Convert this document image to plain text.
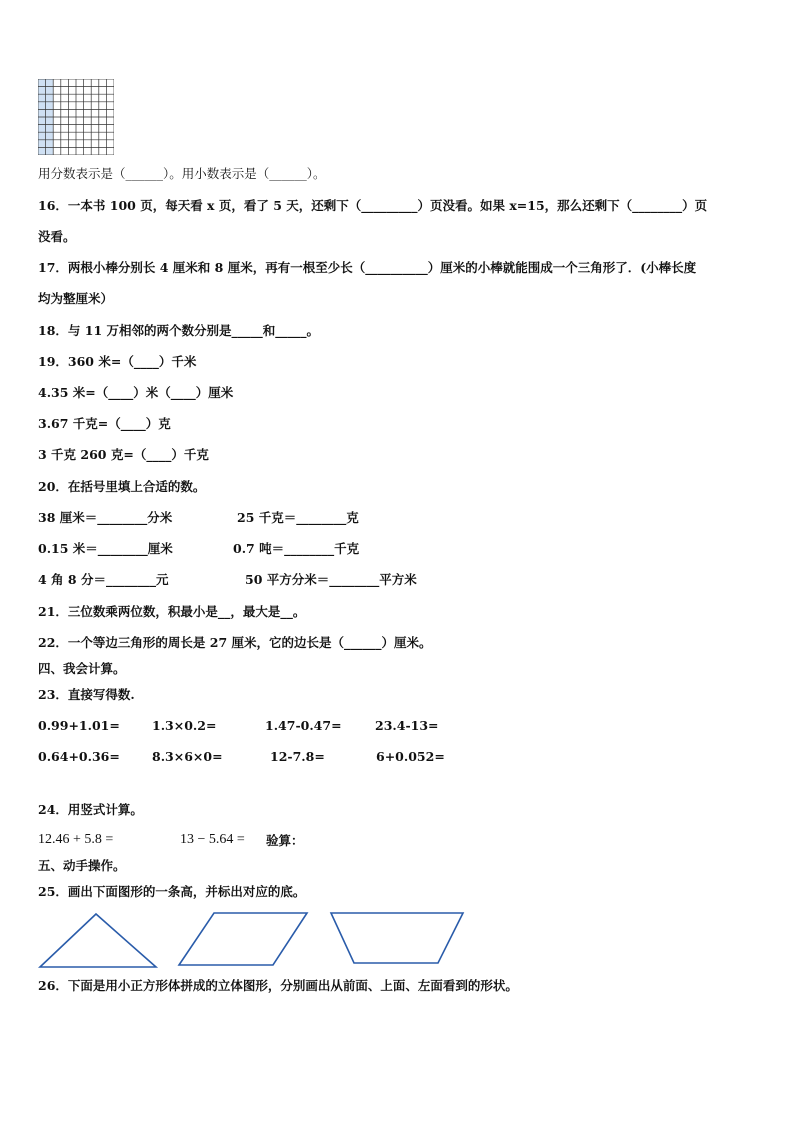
用分数表示是（______）。用小数表示是（______）。
16．一本书 100 页，每天看 x 页，看了 5 天，还剩下（_________）页没看。如果 x=15，那么还剩下（________）页
没看。
17．两根小棒分别长 4 厘米和 8 厘米，再有一根至少长（__________）厘米的小棒就能围成一个三角形了．(小棒长度
均为整厘米）
18．与 11 万相邻的两个数分别是_____和_____。
19．360 米=（____）千米
4.35 米=（____）米（____）厘米
3.67 千克=（____）克
3 千克 260 克=（____）千克
20．在括号里填上合适的数。
38 厘米＝________分米	25 千克＝________克
0.15 米＝________厘米	0.7 吨＝________千克
4 角 8 分＝________元	50 平方分米＝________平方米
21．三位数乘两位数，积最小是__，最大是__。
22．一个等边三角形的周长是 27 厘米，它的边长是（______）厘米。
四、我会计算。
23．直接写得数.
0.99+1.01=	1.3×0.2=	1.47-0.47=	23.4-13=
0.64+0.36=	8.3×6×0=	12-7.8=	6+0.052=
24．用竖式计算。
12.46 + 5.8 =	13 − 5.64 = 验算：
五、动手操作。
25．画出下面图形的一条高，并标出对应的底。
26．下面是用小正方形体拼成的立体图形，分别画出从前面、上面、左面看到的形状。
